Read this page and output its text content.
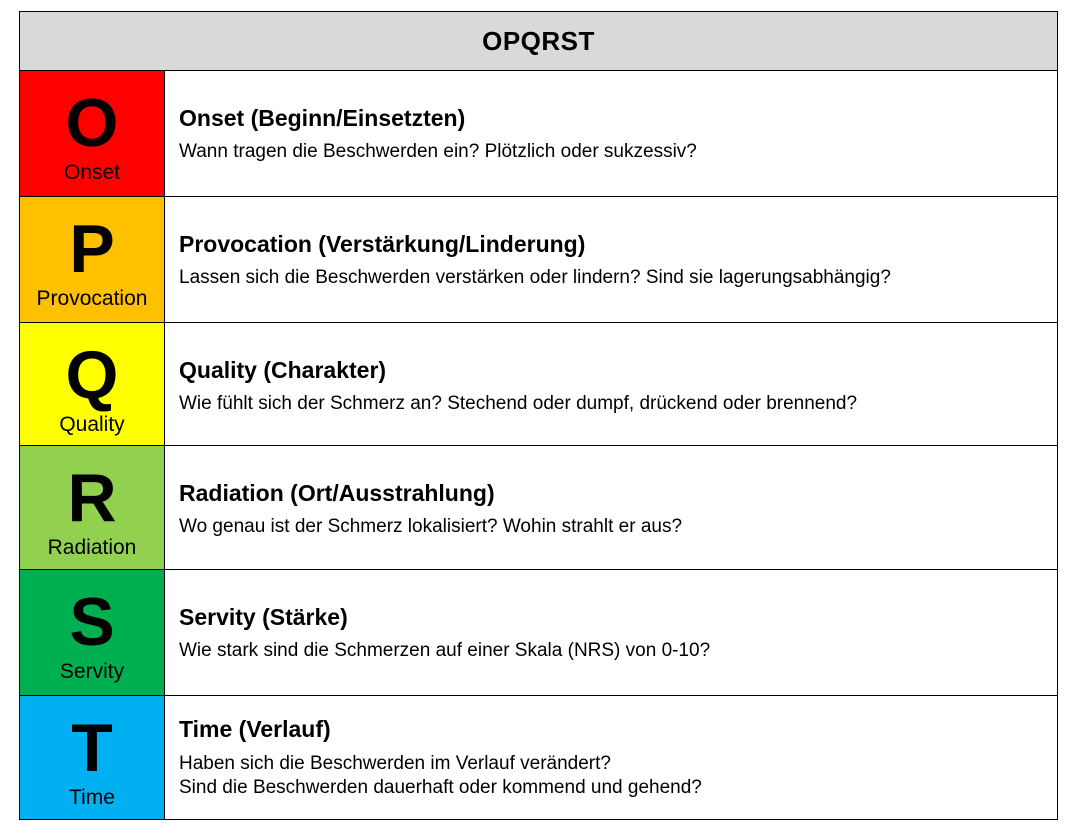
OPQRST
O
Onset
Onset (Beginn/Einsetzten)
Wann tragen die Beschwerden ein? Plötzlich oder sukzessiv?
P
Provocation
Provocation (Verstärkung/Linderung)
Lassen sich die Beschwerden verstärken oder lindern? Sind sie lagerungsabhängig?
Q
Quality
Quality (Charakter)
Wie fühlt sich der Schmerz an? Stechend oder dumpf, drückend oder brennend?
R
Radiation
Radiation (Ort/Ausstrahlung)
Wo genau ist der Schmerz lokalisiert? Wohin strahlt er aus?
S
Servity
Servity (Stärke)
Wie stark sind die Schmerzen auf einer Skala (NRS) von 0-10?
T
Time
Time (Verlauf)
Haben sich die Beschwerden im Verlauf verändert?
Sind die Beschwerden dauerhaft oder kommend und gehend?
